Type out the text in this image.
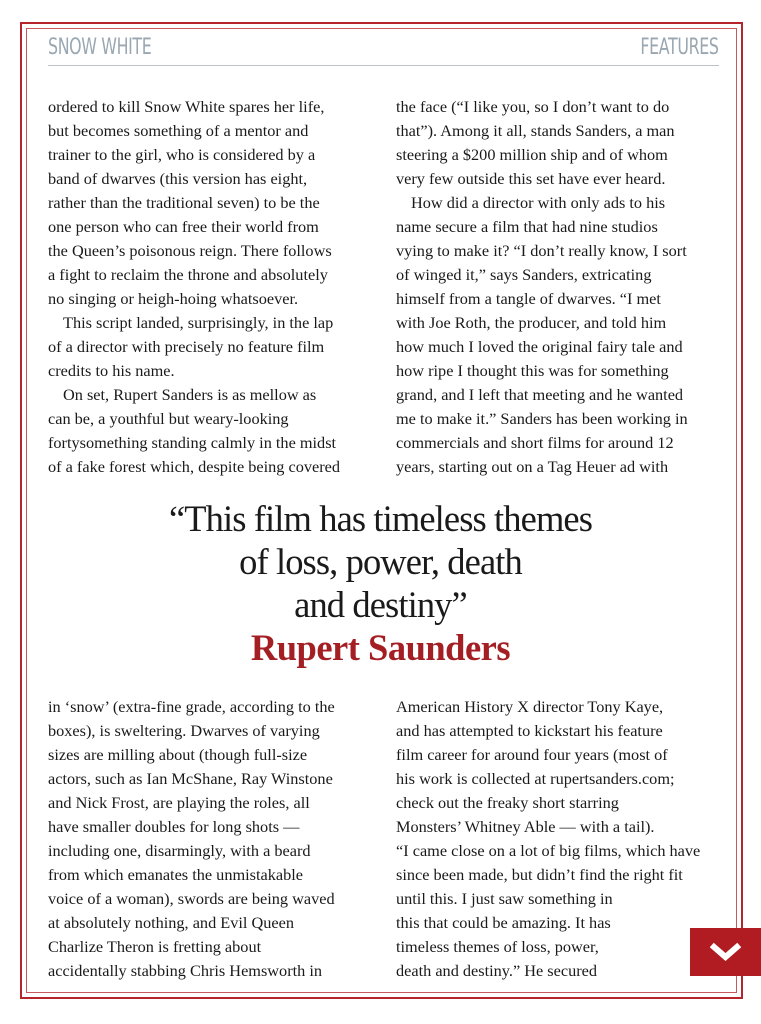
SNOW WHITE	FEATURES

ordered to kill Snow White spares her life,

but becomes something of a mentor and

trainer to the girl, who is considered by a

band of dwarves (this version has eight,

rather than the traditional seven) to be the

one person who can free their world from

the Queen’s poisonous reign. There follows

a fight to reclaim the throne and absolutely

no singing or heigh-hoing whatsoever.

This script landed, surprisingly, in the lap

of a director with precisely no feature film

credits to his name.

On set, Rupert Sanders is as mellow as

can be, a youthful but weary-looking

fortysomething standing calmly in the midst

of a fake forest which, despite being covered

the face (“I like you, so I don’t want to do

that”). Among it all, stands Sanders, a man

steering a $200 million ship and of whom

very few outside this set have ever heard.

How did a director with only ads to his

name secure a film that had nine studios

vying to make it? “I don’t really know, I sort

of winged it,” says Sanders, extricating

himself from a tangle of dwarves. “I met

with Joe Roth, the producer, and told him

how much I loved the original fairy tale and

how ripe I thought this was for something

grand, and I left that meeting and he wanted

me to make it.” Sanders has been working in

commercials and short films for around 12

years, starting out on a Tag Heuer ad with

“This film has timeless themes
of loss, power, death
and destiny”
Rupert Saunders

in ‘snow’ (extra-fine grade, according to the

boxes), is sweltering. Dwarves of varying

sizes are milling about (though full-size

actors, such as Ian McShane, Ray Winstone

and Nick Frost, are playing the roles, all

have smaller doubles for long shots —

including one, disarmingly, with a beard

from which emanates the unmistakable

voice of a woman), swords are being waved

at absolutely nothing, and Evil Queen

Charlize Theron is fretting about

accidentally stabbing Chris Hemsworth in

American History X director Tony Kaye,

and has attempted to kickstart his feature

film career for around four years (most of

his work is collected at rupertsanders.com;

check out the freaky short starring

Monsters’ Whitney Able — with a tail).

“I came close on a lot of big films, which have

since been made, but didn’t find the right fit

until this. I just saw something in

this that could be amazing. It has

timeless themes of loss, power,

death and destiny.” He secured
